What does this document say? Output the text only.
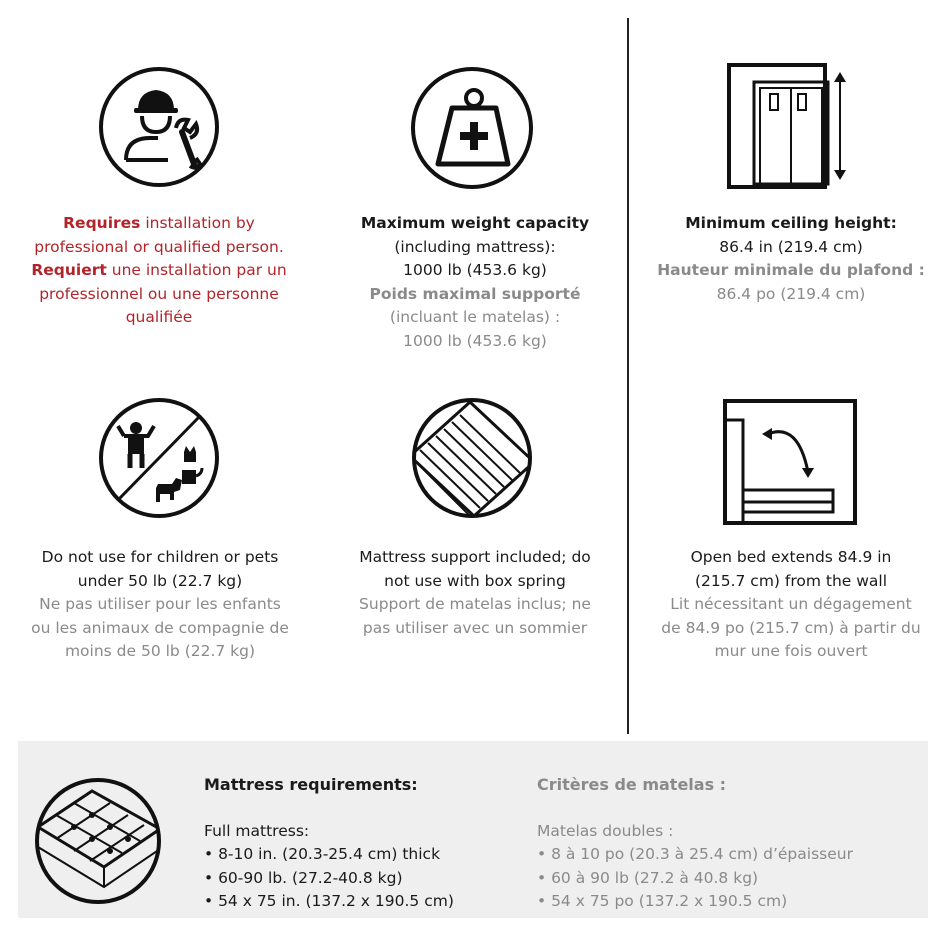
Requires installation by
professional or qualified person.
Requiert une installation par un
professionnel ou une personne
qualifiée
Maximum weight capacity
(including mattress):
1000 lb (453.6 kg)
Poids maximal supporté
(incluant le matelas) :
1000 lb (453.6 kg)
Minimum ceiling height:
86.4 in (219.4 cm)
Hauteur minimale du plafond :
86.4 po (219.4 cm)
Do not use for children or pets
under 50 lb (22.7 kg)
Ne pas utiliser pour les enfants
ou les animaux de compagnie de
moins de 50 lb (22.7 kg)
Mattress support included; do
not use with box spring
Support de matelas inclus; ne
pas utiliser avec un sommier
Open bed extends 84.9 in
(215.7 cm) from the wall
Lit nécessitant un dégagement
de 84.9 po (215.7 cm) à partir du
mur une fois ouvert
Mattress requirements:
Full mattress:
• 8-10 in. (20.3-25.4 cm) thick
• 60-90 lb. (27.2-40.8 kg)
• 54 x 75 in. (137.2 x 190.5 cm)
Critères de matelas :
Matelas doubles :
• 8 à 10 po (20.3 à 25.4 cm) d’épaisseur
• 60 à 90 lb (27.2 à 40.8 kg)
• 54 x 75 po (137.2 x 190.5 cm)
